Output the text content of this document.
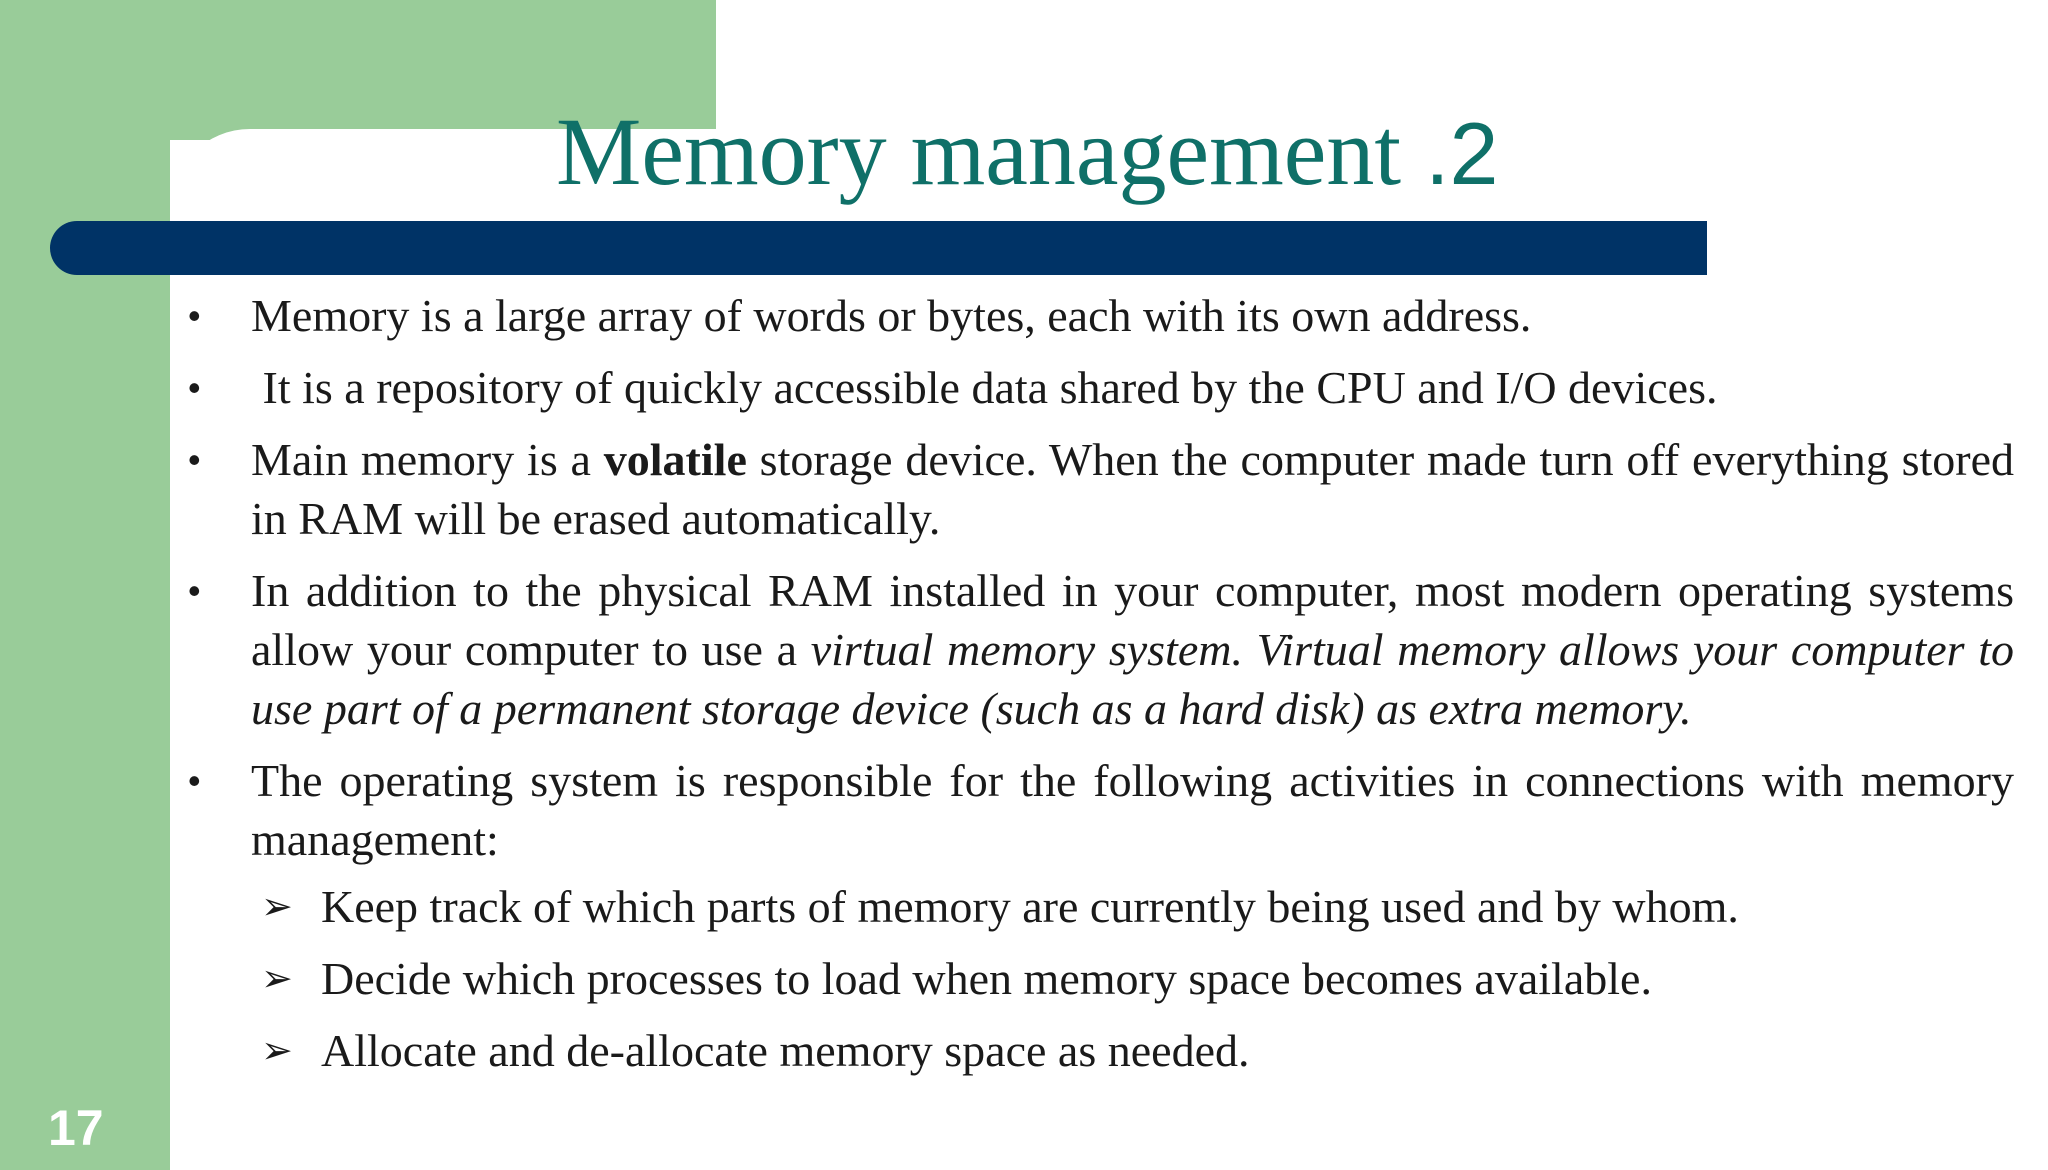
Memory management .2
• Memory is a large array of words or bytes, each with its own address.
• It is a repository of quickly accessible data shared by the CPU and I/O devices.
• Main memory is a volatile storage device. When the computer made turn off everything stored in RAM will be erased automatically.
• In addition to the physical RAM installed in your computer, most modern operating systems allow your computer to use a virtual memory system. Virtual memory allows your computer to use part of a permanent storage device (such as a hard disk) as extra memory.
• The operating system is responsible for the following activities in connections with memory management:
➢ Keep track of which parts of memory are currently being used and by whom.
➢ Decide which processes to load when memory space becomes available.
➢ Allocate and de-allocate memory space as needed.
17
